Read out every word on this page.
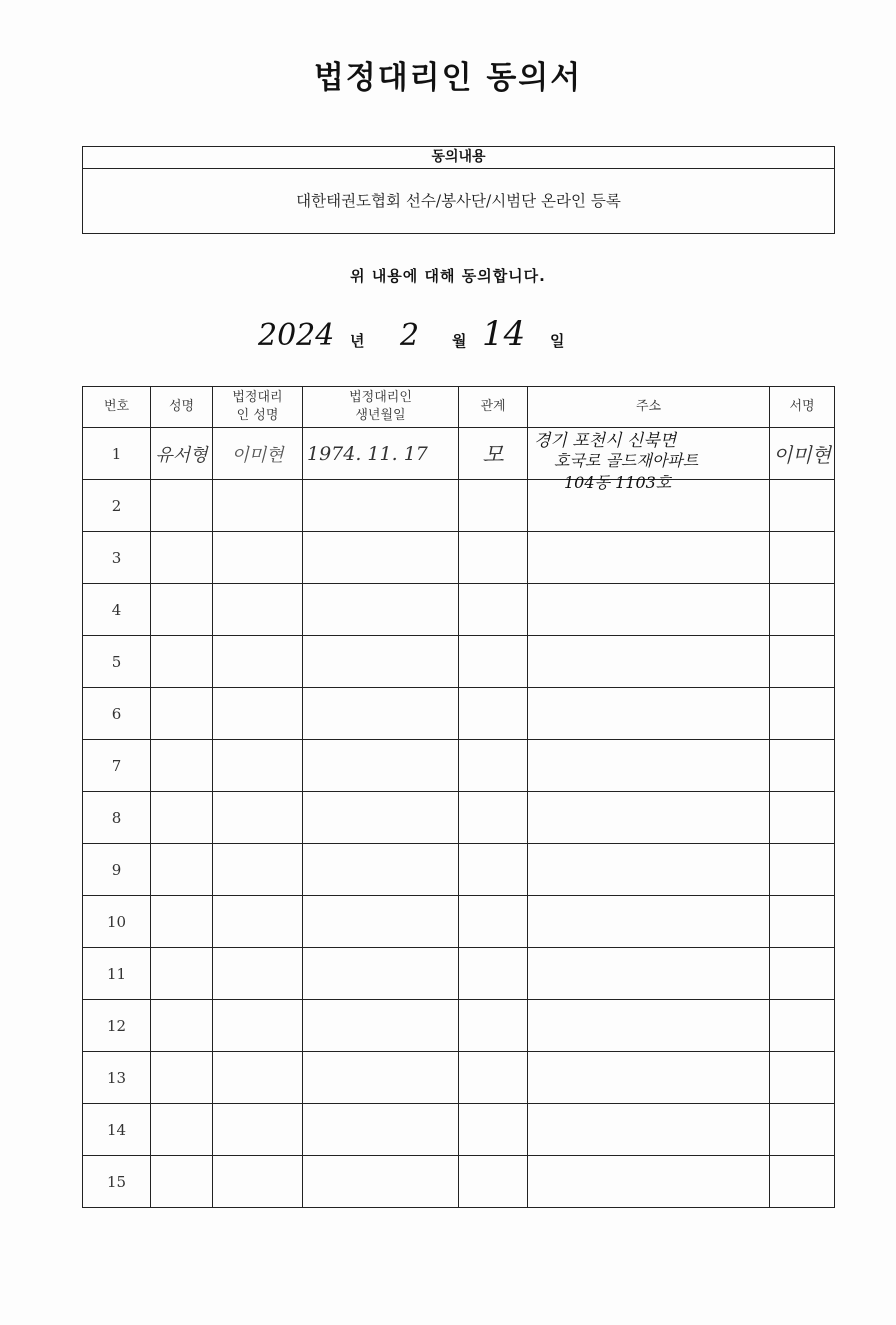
법정대리인 동의서
동의내용
대한태권도협회 선수/봉사단/시범단 온라인 등록
위 내용에 대해 동의합니다.
2024 년 2 월 14 일
번호	성명	법정대리인 성명	법정대리인 생년월일	관계	주소	서명
1	유서형	이미현	1974. 11. 17	모	경기 포천시 신북면
호국로 골드재아파트
104동 1103호	이미현
2						
3						
4						
5						
6						
7						
8						
9						
10						
11						
12						
13						
14						
15						
